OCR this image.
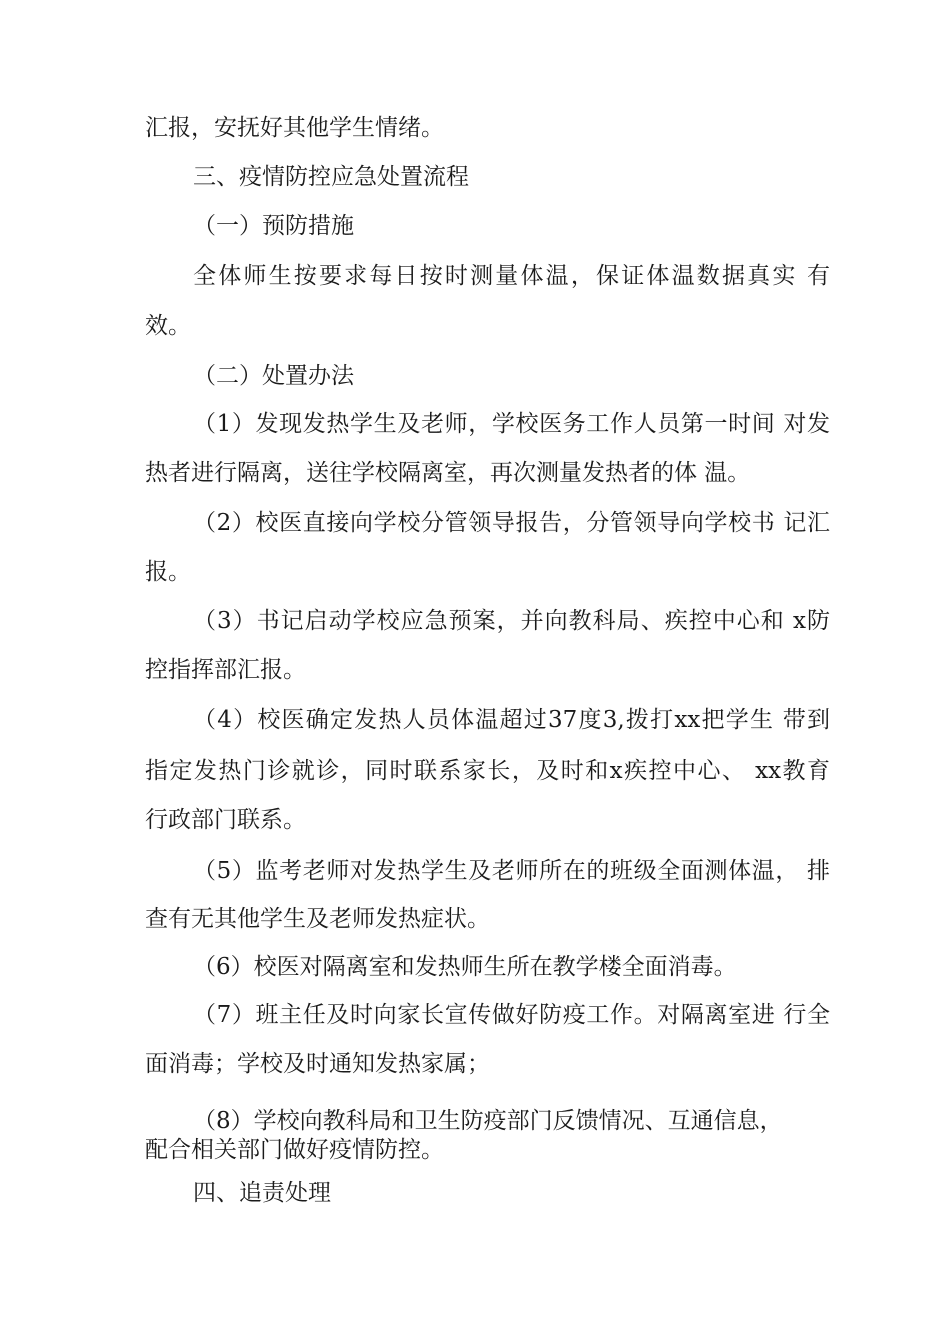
汇报，安抚好其他学生情绪。
三、疫情防控应急处置流程
（一）预防措施
全体师生按要求每日按时测量体温，保证体温数据真实 有
效。
（二）处置办法
（1）发现发热学生及老师，学校医务工作人员第一时间 对发
热者进行隔离，送往学校隔离室，再次测量发热者的体 温。
（2）校医直接向学校分管领导报告，分管领导向学校书 记汇
报。
（3）书记启动学校应急预案，并向教科局、疾控中心和 x防
控指挥部汇报。
（4）校医确定发热人员体温超过37度3,拨打xx把学生 带到
指定发热门诊就诊，同时联系家长，及时和x疾控中心、 xx教育
行政部门联系。
（5）监考老师对发热学生及老师所在的班级全面测体温， 排
查有无其他学生及老师发热症状。
（6）校医对隔离室和发热师生所在教学楼全面消毒。
（7）班主任及时向家长宣传做好防疫工作。对隔离室进 行全
面消毒；学校及时通知发热家属；
（8）学校向教科局和卫生防疫部门反馈情况、互通信息，
配合相关部门做好疫情防控。
四、追责处理
